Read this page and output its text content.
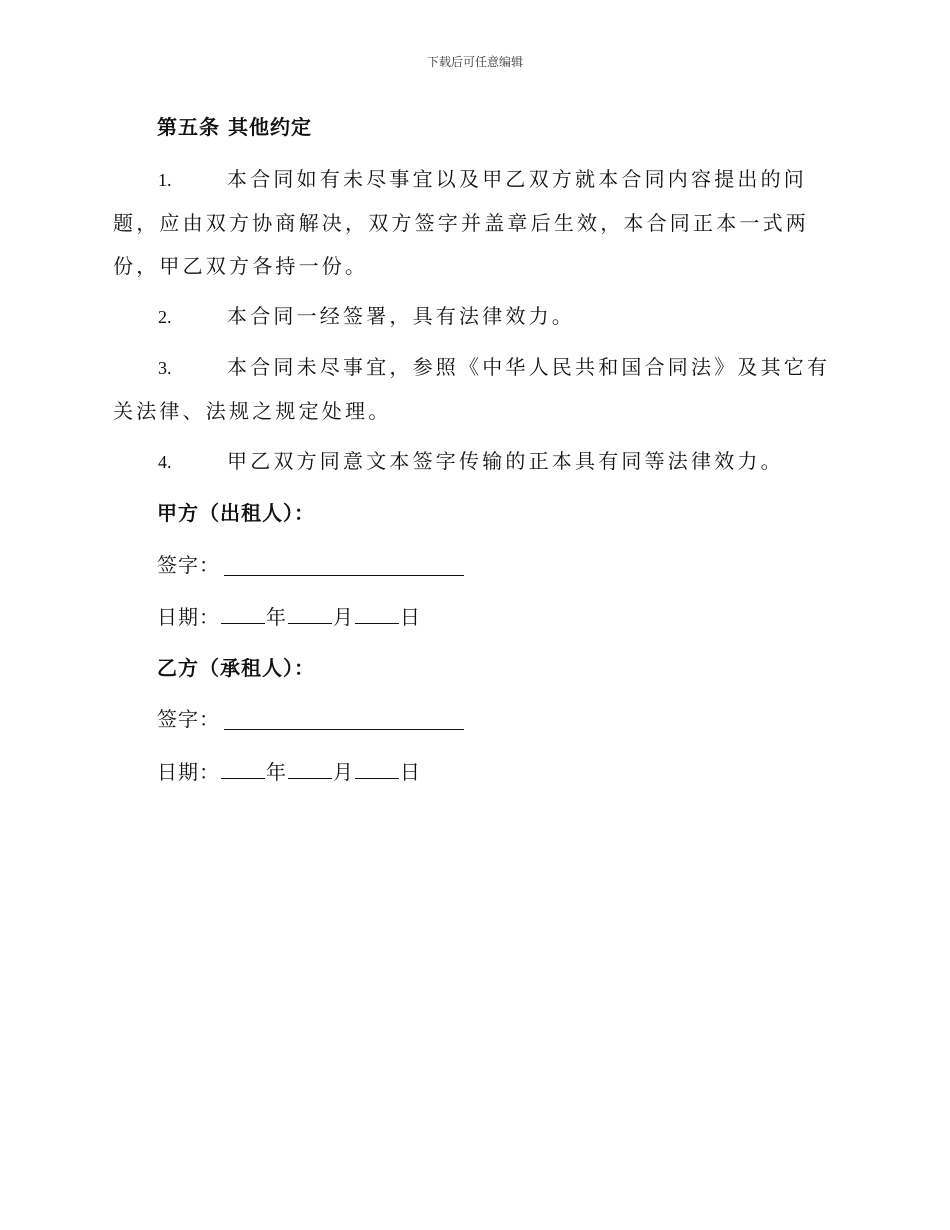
下载后可任意编辑
第五条 其他约定
1.	本合同如有未尽事宜以及甲乙双方就本合同内容提出的问题，应由双方协商解决，双方签字并盖章后生效，本合同正本一式两份，甲乙双方各持一份。
2.	本合同一经签署，具有法律效力。
3.	本合同未尽事宜，参照《中华人民共和国合同法》及其它有关法律、法规之规定处理。
4.	甲乙双方同意文本签字传输的正本具有同等法律效力。
甲方（出租人）：
签字：
日期： 年 月 日
乙方（承租人）：
签字：
日期： 年 月 日
